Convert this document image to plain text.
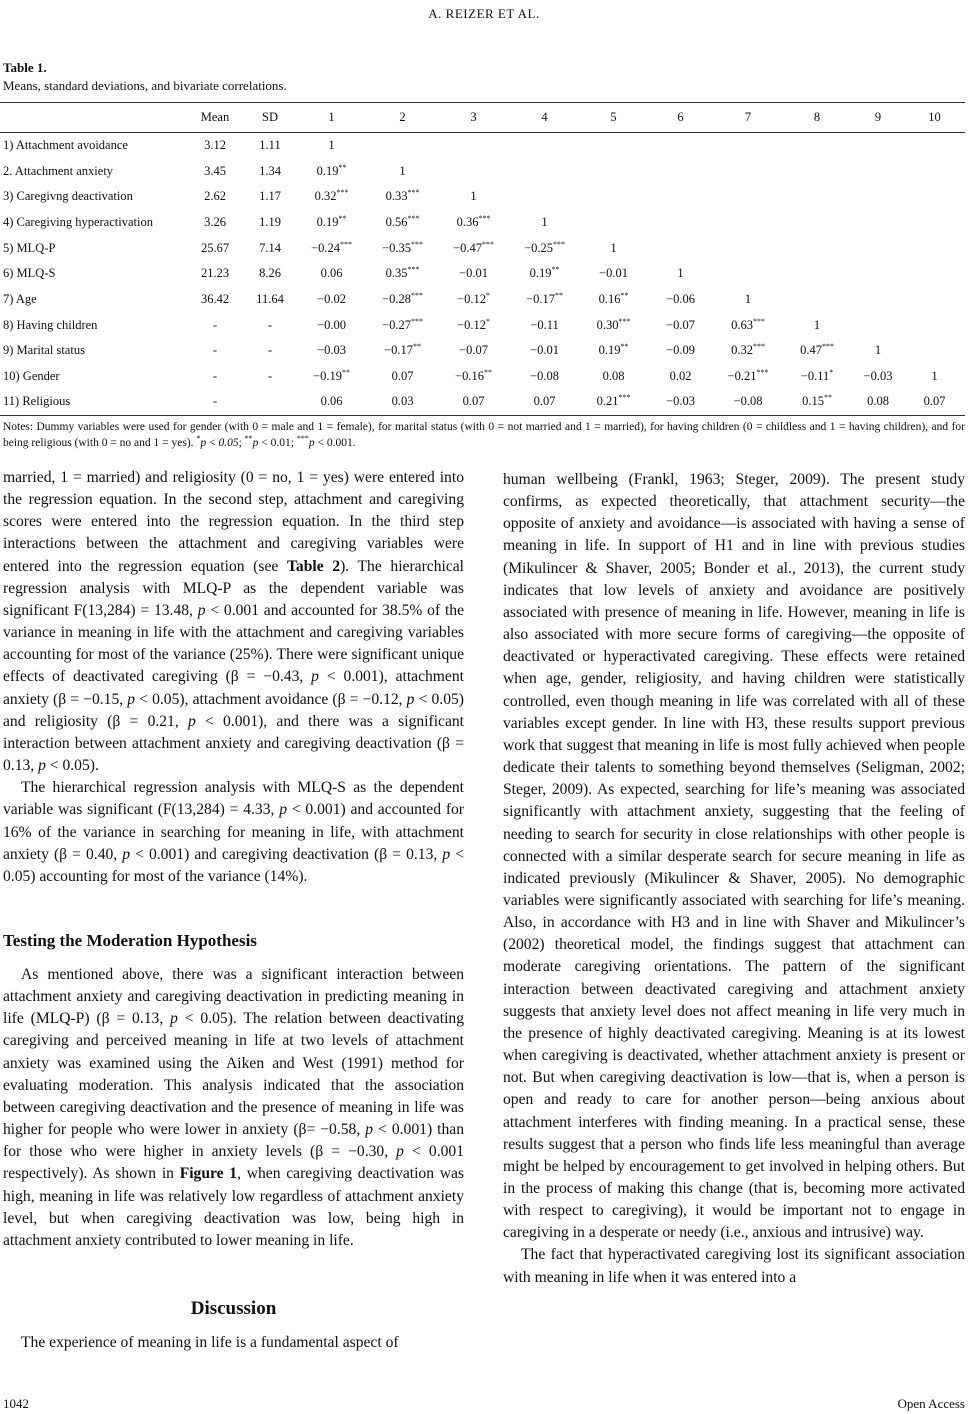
A. REIZER ET AL.
Table 1.
Means, standard deviations, and bivariate correlations.
	Mean	SD	1	2	3	4	5	6	7	8	9	10
1) Attachment avoidance	3.12	1.11	1									
2. Attachment anxiety	3.45	1.34	0.19**	1								
3) Caregivng deactivation	2.62	1.17	0.32***	0.33***	1							
4) Caregiving hyperactivation	3.26	1.19	0.19**	0.56***	0.36***	1						
5) MLQ-P	25.67	7.14	−0.24***	−0.35***	−0.47***	−0.25***	1					
6) MLQ-S	21.23	8.26	0.06	0.35***	−0.01	0.19**	−0.01	1				
7) Age	36.42	11.64	−0.02	−0.28***	−0.12*	−0.17**	0.16**	−0.06	1			
8) Having children	-	-	−0.00	−0.27***	−0.12*	−0.11	0.30***	−0.07	0.63***	1		
9) Marital status	-	-	−0.03	−0.17**	−0.07	−0.01	0.19**	−0.09	0.32***	0.47***	1	
10) Gender	-	-	−0.19**	0.07	−0.16**	−0.08	0.08	0.02	−0.21***	−0.11*	−0.03	1
11) Religious	-		0.06	0.03	0.07	0.07	0.21***	−0.03	−0.08	0.15**	0.08	0.07
Notes: Dummy variables were used for gender (with 0 = male and 1 = female), for marital status (with 0 = not married and 1 = married), for having children (0 = childless and 1 = having children), and for being religious (with 0 = no and 1 = yes). *p < 0.05; **p < 0.01; ***p < 0.001.

married, 1 = married) and religiosity (0 = no, 1 = yes) were entered into the regression equation. In the second step, attachment and caregiving scores were entered into the regression equation. In the third step interactions between the attachment and caregiving variables were entered into the regression equation (see Table 2). The hierarchical regression analysis with MLQ-P as the dependent variable was significant F(13,284) = 13.48, p < 0.001 and accounted for 38.5% of the variance in meaning in life with the attachment and caregiving variables accounting for most of the variance (25%). There were significant unique effects of deactivated caregiving (β = −0.43, p < 0.001), attachment anxiety (β = −0.15, p < 0.05), attachment avoidance (β = −0.12, p < 0.05) and religiosity (β = 0.21, p < 0.001), and there was a significant interaction between attachment anxiety and caregiving deactivation (β = 0.13, p < 0.05).

The hierarchical regression analysis with MLQ-S as the dependent variable was significant (F(13,284) = 4.33, p < 0.001) and accounted for 16% of the variance in searching for meaning in life, with attachment anxiety (β = 0.40, p < 0.001) and caregiving deactivation (β = 0.13, p < 0.05) accounting for most of the variance (14%).

Testing the Moderation Hypothesis

As mentioned above, there was a significant interaction between attachment anxiety and caregiving deactivation in predicting meaning in life (MLQ-P) (β = 0.13, p < 0.05). The relation between deactivating caregiving and perceived meaning in life at two levels of attachment anxiety was examined using the Aiken and West (1991) method for evaluating moderation. This analysis indicated that the association between caregiving deactivation and the presence of meaning in life was higher for people who were lower in anxiety (β= −0.58, p < 0.001) than for those who were higher in anxiety levels (β = −0.30, p < 0.001 respectively). As shown in Figure 1, when caregiving deactivation was high, meaning in life was relatively low regardless of attachment anxiety level, but when caregiving deactivation was low, being high in attachment anxiety contributed to lower meaning in life.

Discussion

The experience of meaning in life is a fundamental aspect of

human wellbeing (Frankl, 1963; Steger, 2009). The present study confirms, as expected theoretically, that attachment security—the opposite of anxiety and avoidance—is associated with having a sense of meaning in life. In support of H1 and in line with previous studies (Mikulincer & Shaver, 2005; Bonder et al., 2013), the current study indicates that low levels of anxiety and avoidance are positively associated with presence of meaning in life. However, meaning in life is also associated with more secure forms of caregiving—the opposite of deactivated or hyperactivated caregiving. These effects were retained when age, gender, religiosity, and having children were statistically controlled, even though meaning in life was correlated with all of these variables except gender. In line with H3, these results support previous work that suggest that meaning in life is most fully achieved when people dedicate their talents to something beyond themselves (Seligman, 2002; Steger, 2009). As expected, searching for life’s meaning was associated significantly with attachment anxiety, suggesting that the feeling of needing to search for security in close relationships with other people is connected with a similar desperate search for secure meaning in life as indicated previously (Mikulincer & Shaver, 2005). No demographic variables were significantly associated with searching for life’s meaning. Also, in accordance with H3 and in line with Shaver and Mikulincer’s (2002) theoretical model, the findings suggest that attachment can moderate caregiving orientations. The pattern of the significant interaction between deactivated caregiving and attachment anxiety suggests that anxiety level does not affect meaning in life very much in the presence of highly deactivated caregiving. Meaning is at its lowest when caregiving is deactivated, whether attachment anxiety is present or not. But when caregiving deactivation is low—that is, when a person is open and ready to care for another person—being anxious about attachment interferes with finding meaning. In a practical sense, these results suggest that a person who finds life less meaningful than average might be helped by encouragement to get involved in helping others. But in the process of making this change (that is, becoming more activated with respect to caregiving), it would be important not to engage in caregiving in a desperate or needy (i.e., anxious and intrusive) way.

The fact that hyperactivated caregiving lost its significant association with meaning in life when it was entered into a

1042	Open Access
